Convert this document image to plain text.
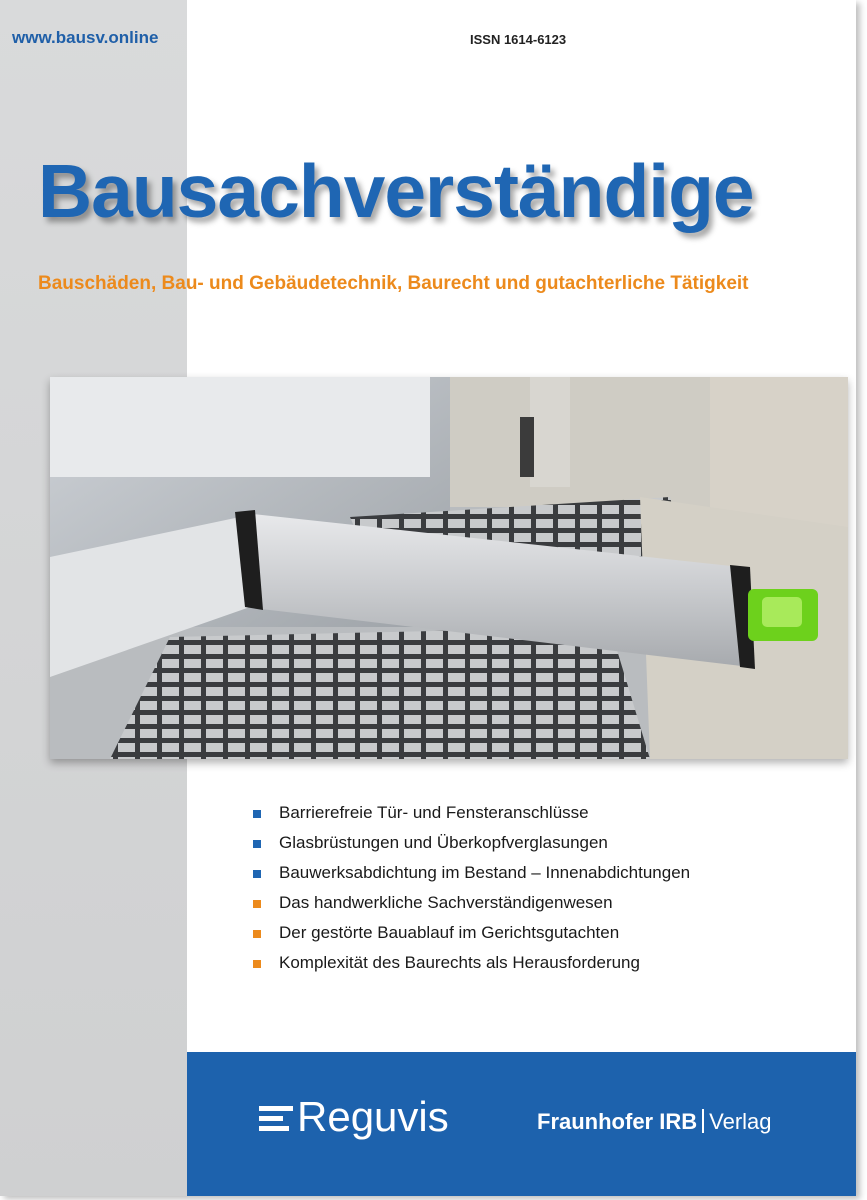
www.bausv.online	ISSN 1614-6123
Bausachverständige
Bauschäden, Bau- und Gebäudetechnik, Baurecht und gutachterliche Tätigkeit
Barrierefreie Tür- und Fensteranschlüsse
Glasbrüstungen und Überkopfverglasungen
Bauwerksabdichtung im Bestand – Innenabdichtungen
Das handwerkliche Sachverständigenwesen
Der gestörte Bauablauf im Gerichtsgutachten
Komplexität des Baurechts als Herausforderung
Reguvis	Fraunhofer IRB Verlag
